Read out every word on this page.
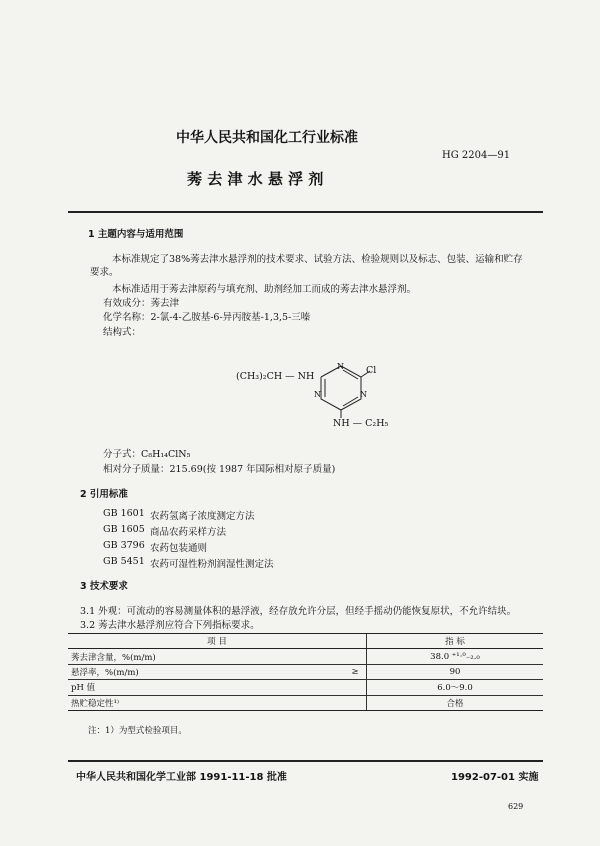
中华人民共和国化工行业标准
HG 2204—91
莠 去 津 水 悬 浮 剂
1 主题内容与适用范围
本标准规定了38%莠去津水悬浮剂的技术要求、试验方法、检验规则以及标志、包装、运输和贮存
要求。
本标准适用于莠去津原药与填充剂、助剂经加工而成的莠去津水悬浮剂。
有效成分：莠去津
化学名称：2-氯-4-乙胺基-6-异丙胺基-1,3,5-三嗪
结构式：
(CH₃)₂CH — NH
Cl
N
N	N
NH — C₂H₅
分子式：C₈H₁₄ClN₅
相对分子质量：215.69(按 1987 年国际相对原子质量)
2 引用标准
GB 1601 农药氢离子浓度测定方法
GB 1605 商品农药采样方法
GB 3796 农药包装通则
GB 5451 农药可湿性粉剂润湿性测定法
3 技术要求
3.1 外观：可流动的容易测量体积的悬浮液，经存放允许分层，但经手摇动仍能恢复原状，不允许结块。
3.2 莠去津水悬浮剂应符合下列指标要求。
项 目		指 标
莠去津含量，%(m/m)		38.0 ⁺¹·⁰₋₂.₀
悬浮率，%(m/m)	≥	90
pH 值		6.0～9.0
热贮稳定性¹⁾		合格
注：1）为型式检验项目。
中华人民共和国化学工业部 1991-11-18 批准	1992-07-01 实施
629
